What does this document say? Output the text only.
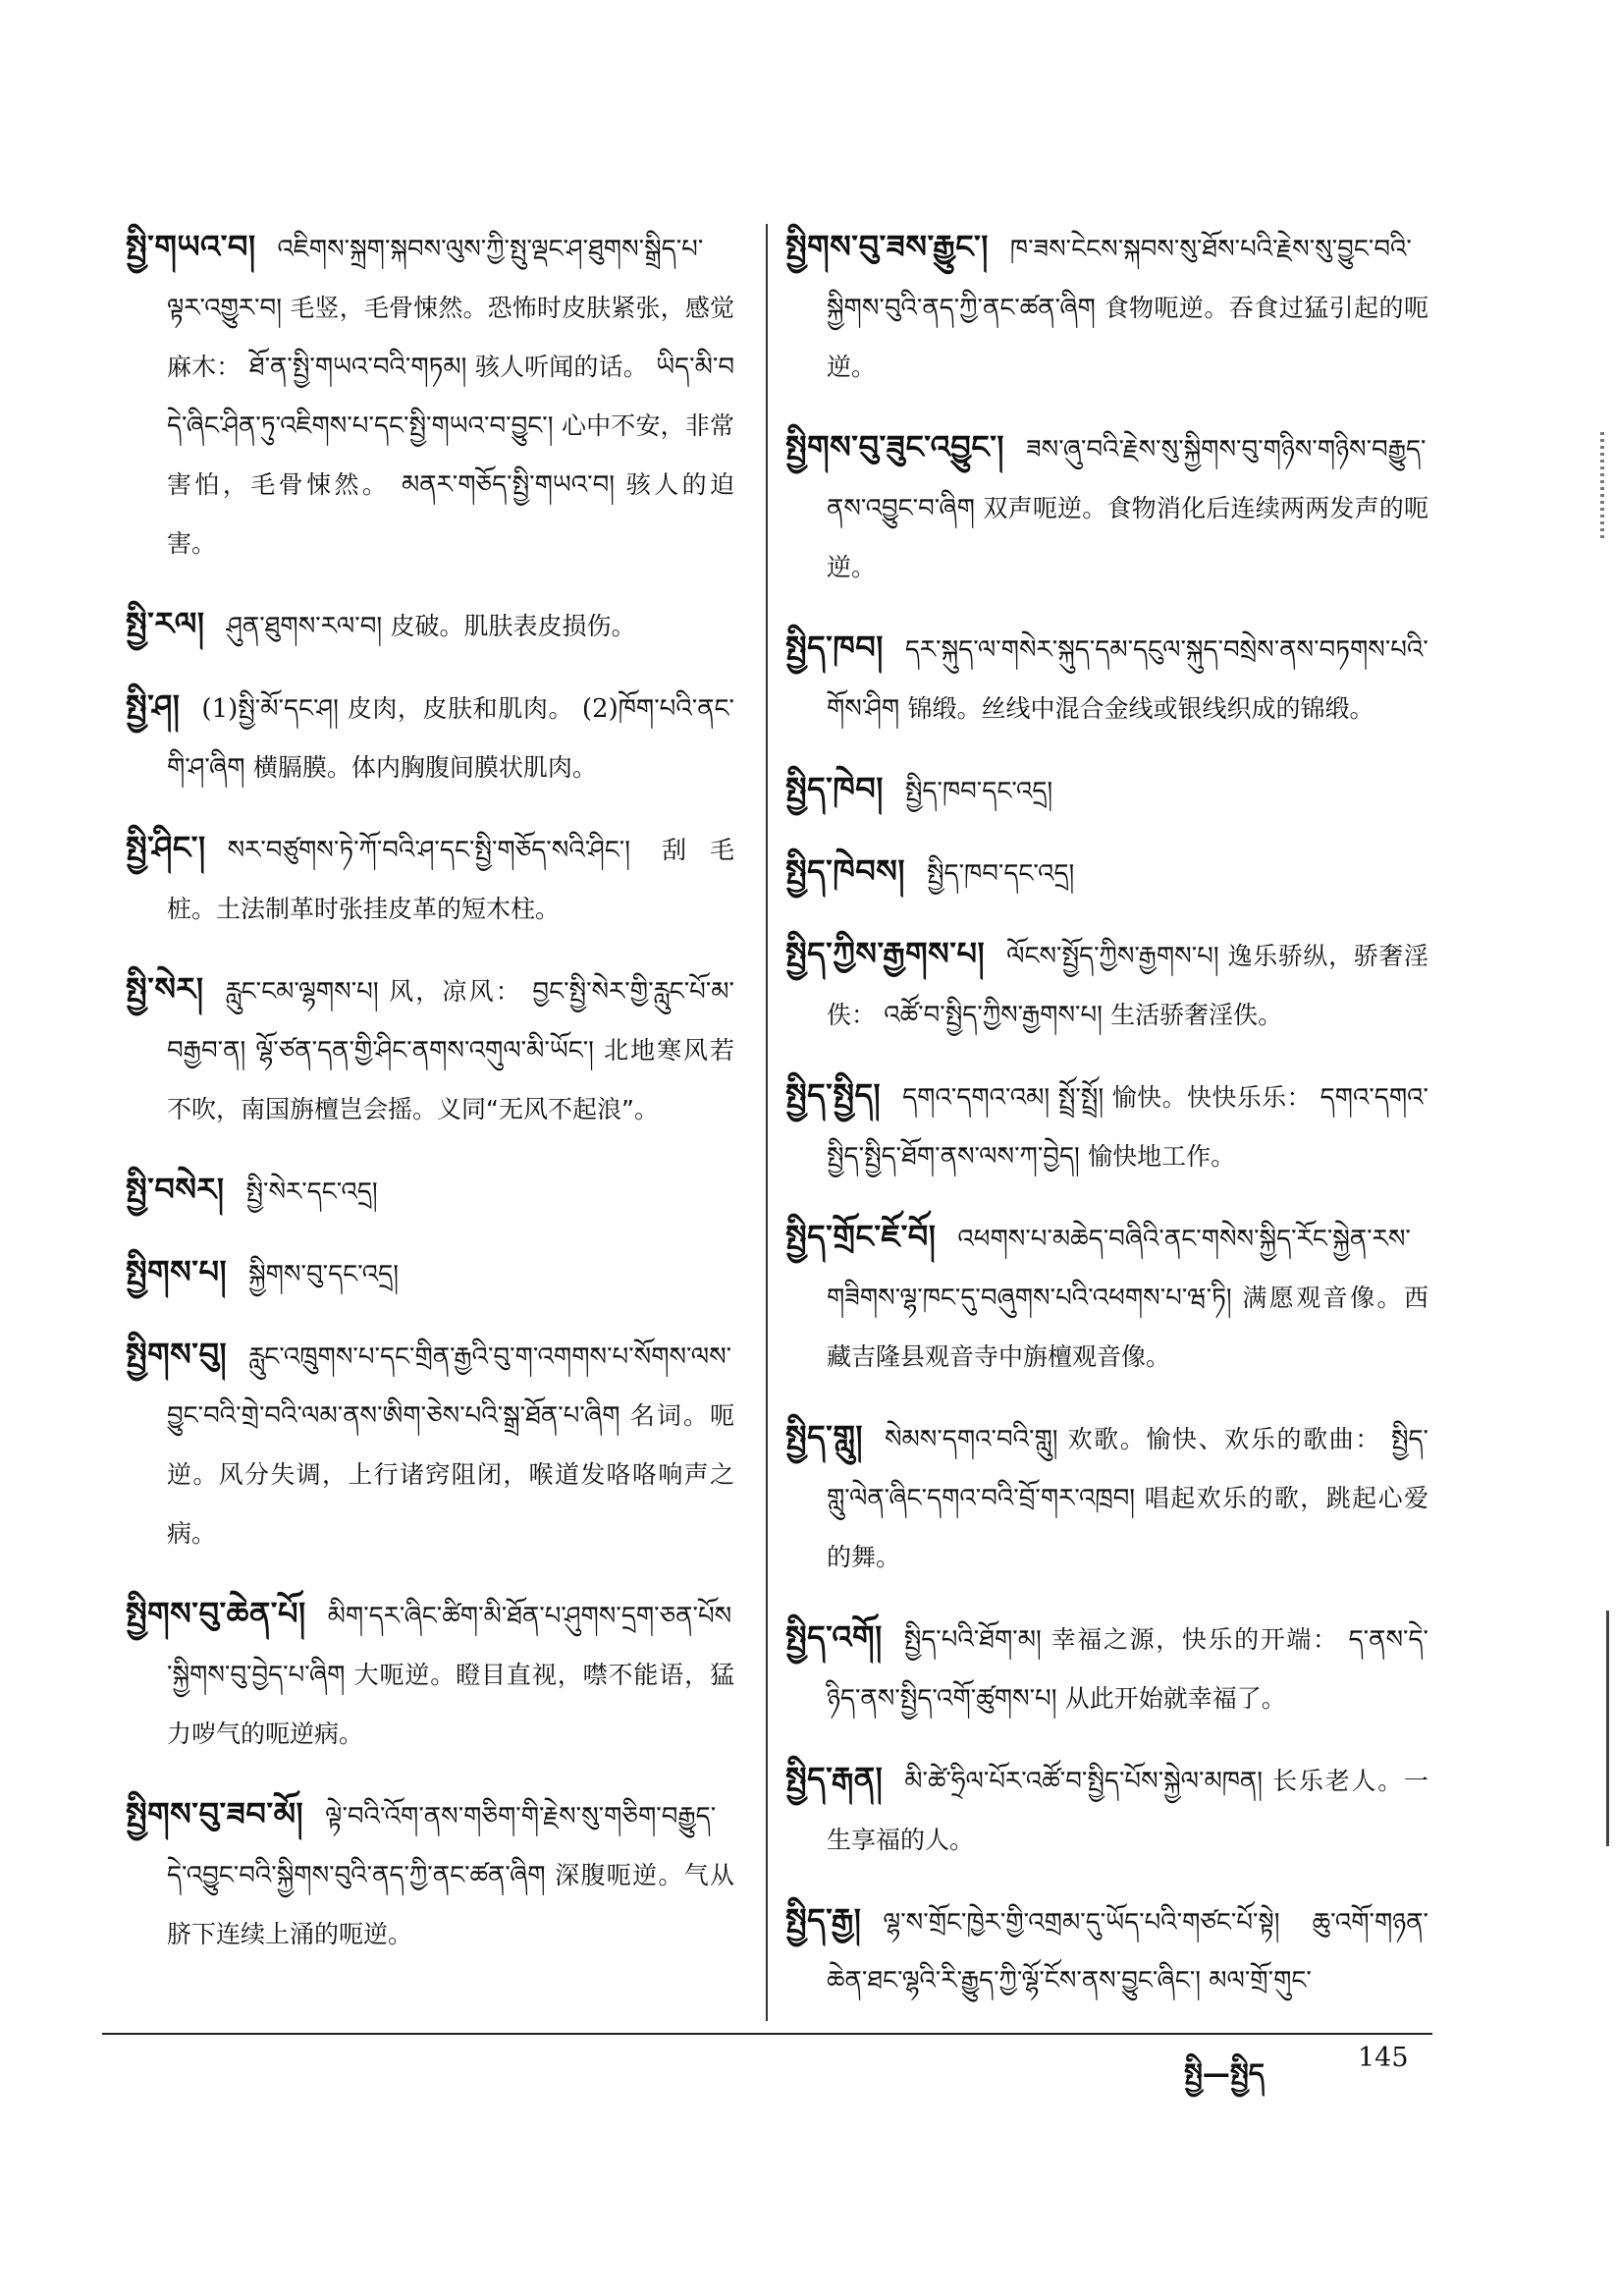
སྤྱི་གཡའ་བ། འཇིགས་སྐྲག་སྐབས་ལུས་ཀྱི་སྤུ་ལྡང་ཤ་ཐུགས་སྒྲིད་པ་ལྟར་འགྱུར་བ། 毛竖，毛骨悚然。恐怖时皮肤紧张，感觉麻木： ཐོ་ན་སྤྱི་གཡའ་བའི་གཏམ། 骇人听闻的话。 ཡིད་མི་བདེ་ཞིང་ཤིན་ཏུ་འཇིགས་པ་དང་སྤྱི་གཡའ་བ་བྱུང་། 心中不安，非常害怕，毛骨悚然。 མནར་གཅོད་སྤྱི་གཡའ་བ། 骇人的迫害。

སྤྱི་རལ། ཤུན་ཐུགས་རལ་བ། 皮破。肌肤表皮损伤。

སྤྱི་ཤ། (1)སྤྱི་མོ་དང་ཤ། 皮肉，皮肤和肌肉。 (2)ཁོག་པའི་ནང་གི་ཤ་ཞིག 横膈膜。体内胸腹间膜状肌肉。

སྤྱི་ཤིང་། སར་བཙུགས་ཏེ་ཀོ་བའི་ཤ་དང་སྤྱི་གཅོད་སའི་ཤིང་། 刮毛桩。土法制革时张挂皮革的短木柱。

སྤྱི་སེར། རླུང་ངམ་ལྷགས་པ། 风，凉风： བྱང་སྤྱི་སེར་གྱི་རླུང་པོ་མ་བརྒྱབ་ན། ལྷོ་ཙན་དན་གྱི་ཤིང་ནགས་འགུལ་མི་ཡོང་། 北地寒风若不吹，南国旃檀岂会摇。义同“无风不起浪”。

སྤྱི་བསེར། སྤྱི་སེར་དང་འདྲ།

སྤྱིགས་པ། སྐྱིགས་བུ་དང་འདྲ།

སྤྱིགས་བུ། རླུང་འཁྲུགས་པ་དང་གྲིན་རྒྱའི་བུ་ག་འགགས་པ་སོགས་ལས་བྱུང་བའི་གྲེ་བའི་ལམ་ནས་ཨིག་ཅེས་པའི་སྒྲ་ཐོན་པ་ཞིག 名词。呃逆。风分失调，上行诸窍阻闭，喉道发咯咯响声之病。

སྤྱིགས་བུ་ཆེན་པོ། མིག་དར་ཞིང་ཚིག་མི་ཐོན་པ་ཤུགས་དྲག་ཅན་པོས་སྐྱིགས་བུ་བྱེད་པ་ཞིག 大呃逆。瞪目直视，噤不能语，猛力哕气的呃逆病。

སྤྱིགས་བུ་ཟབ་མོ། ལྟེ་བའི་འོག་ནས་གཅིག་གི་རྗེས་སུ་གཅིག་བརྒྱུད་དེ་འབྱུང་བའི་སྐྱིགས་བུའི་ནད་ཀྱི་ནང་ཚན་ཞིག 深腹呃逆。气从脐下连续上涌的呃逆。

སྤྱིགས་བུ་ཟས་རྒྱུང་། ཁ་ཟས་ངེངས་སྐབས་སུ་ཐོས་པའི་རྗེས་སུ་བྱུང་བའི་སྐྱིགས་བུའི་ནད་ཀྱི་ནང་ཚན་ཞིག 食物呃逆。吞食过猛引起的呃逆。

སྤྱིགས་བུ་ཟུང་འབྱུང་། ཟས་ཞུ་བའི་རྗེས་སུ་སྐྱིགས་བུ་གཉིས་གཉིས་བརྒྱུད་ནས་འབྱུང་བ་ཞིག 双声呃逆。食物消化后连续两两发声的呃逆。

སྤྱིད་ཁབ། དར་སྐུད་ལ་གསེར་སྐུད་དམ་དངུལ་སྐུད་བསྲེས་ནས་བཏགས་པའི་གོས་ཤིག 锦缎。丝线中混合金线或银线织成的锦缎。

སྤྱིད་ཁེབ། སྤྱིད་ཁབ་དང་འདྲ།

སྤྱིད་ཁེབས། སྤྱིད་ཁབ་དང་འདྲ།

སྤྱིད་ཀྱིས་རྒྱགས་པ། ལོངས་སྤྱོད་ཀྱིས་རྒྱགས་པ། 逸乐骄纵，骄奢淫佚： འཚོ་བ་སྤྱིད་ཀྱིས་རྒྱགས་པ། 生活骄奢淫佚。

སྤྱིད་སྤྱིད། དགའ་དགའ་འམ། སྤྲོ་སྤྲོ། 愉快。快快乐乐： དགའ་དགའ་སྤྱིད་སྤྱིད་ཐོག་ནས་ལས་ཀ་བྱེད། 愉快地工作。

སྤྱིད་གྲོང་ཇོ་བོ། འཕགས་པ་མཆེད་བཞིའི་ནང་གསེས་སྐྱིད་རོང་སྐྱེན་རས་གཟིགས་ལྷ་ཁང་དུ་བཞུགས་པའི་འཕགས་པ་ཝ་ཏི། 满愿观音像。西藏吉隆县观音寺中旃檀观音像。

སྤྱིད་གླུ། སེམས་དགའ་བའི་གླུ། 欢歌。愉快、欢乐的歌曲： སྤྱིད་གླུ་ལེན་ཞིང་དགའ་བའི་བྲོ་གར་འཁྲབ། 唱起欢乐的歌，跳起心爱的舞。

སྤྱིད་འགོ། སྤྱིད་པའི་ཐོག་མ། 幸福之源，快乐的开端： ད་ནས་དེ་ཉིད་ནས་སྤྱིད་འགོ་ཚུགས་པ། 从此开始就幸福了。

སྤྱིད་རྒན། མི་ཚེ་ཧྲིལ་པོར་འཚོ་བ་སྤྱིད་པོས་སྐྱེལ་མཁན། 长乐老人。一生享福的人。

སྤྱིད་རྒྱ། ལྷ་ས་གྲོང་ཁྱེར་གྱི་འགྲམ་དུ་ཡོད་པའི་གཙང་པོ་སྟེ། ཆུ་འགོ་གཉན་ཆེན་ཐང་ལྷའི་རི་རྒྱུད་ཀྱི་ལྷོ་ངོས་ནས་བྱུང་ཞིང་། མལ་གྲོ་གུང་

སྤྱི—སྤྱིད	145
